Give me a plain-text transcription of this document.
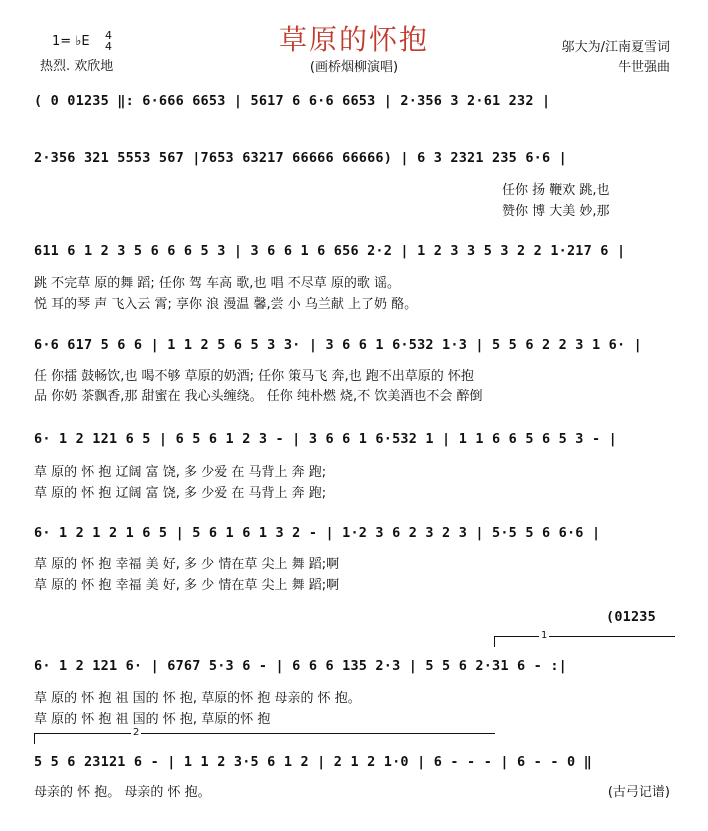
草原的怀抱
1= ♭E 4
4
热烈. 欢欣地	(画桥烟柳演唱)
邬大为/江南夏雪词
牛世强曲
( 0 01235 ‖: 6·666 6653 | 5617 6 6·6 6653 | 2·356 3 2·61 232 |
2·356 321 5553 567 |7653 63217 66666 66666) | 6 3 2321 235 6·6 |
任你 扬 鞭欢 跳,也
赞你 博 大美 妙,那
611 6 1 2 3 5 6 6 6 5 3 | 3 6 6 1 6 656 2·2 | 1 2 3 3 5 3 2 2 1·217 6 |
跳 不完草 原的舞 蹈; 任你 驾 车高 歌,也 唱 不尽草 原的歌 谣。
悦 耳的琴 声 飞入云 霄; 享你 浪 漫温 馨,尝 小 乌兰献 上了奶 酪。
6·6 617 5 6 6 | 1 1 2 5 6 5 3 3· | 3 6 6 1 6·532 1·3 | 5 5 6 2 2 3 1 6· |
任 你擂 鼓畅饮,也 喝不够 草原的奶酒; 任你 策马飞 奔,也 跑不出草原的 怀抱
品 你奶 茶飘香,那 甜蜜在 我心头缠绕。 任你 纯朴燃 烧,不 饮美酒也不会 醉倒
6· 1 2 121 6 5 | 6 5 6 1 2 3 - | 3 6 6 1 6·532 1 | 1 1 6 6 5 6 5 3 - |
草 原的 怀 抱 辽阔 富 饶, 多 少爱 在 马背上 奔 跑;
草 原的 怀 抱 辽阔 富 饶, 多 少爱 在 马背上 奔 跑;
6· 1 2 1 2 1 6 5 | 5 6 1 6 1 3 2 - | 1·2 3 6 2 3 2 3 | 5·5 5 6 6·6 |
草 原的 怀 抱 幸福 美 好, 多 少 情在草 尖上 舞 蹈;啊
草 原的 怀 抱 幸福 美 好, 多 少 情在草 尖上 舞 蹈;啊
(01235
1
6· 1 2 121 6· | 6767 5·3 6 - | 6 6 6 135 2·3 | 5 5 6 2·31 6 - :|
草 原的 怀 抱 祖 国的 怀 抱, 草原的怀 抱 母亲的 怀 抱。
草 原的 怀 抱 祖 国的 怀 抱, 草原的怀 抱
2
5 5 6 23121 6 - | 1 1 2 3·5 6 1 2 | 2 1 2 1·0 | 6 - - - | 6 - - 0 ‖
母亲的 怀 抱。 母亲的 怀 抱。	(古弓记谱)
